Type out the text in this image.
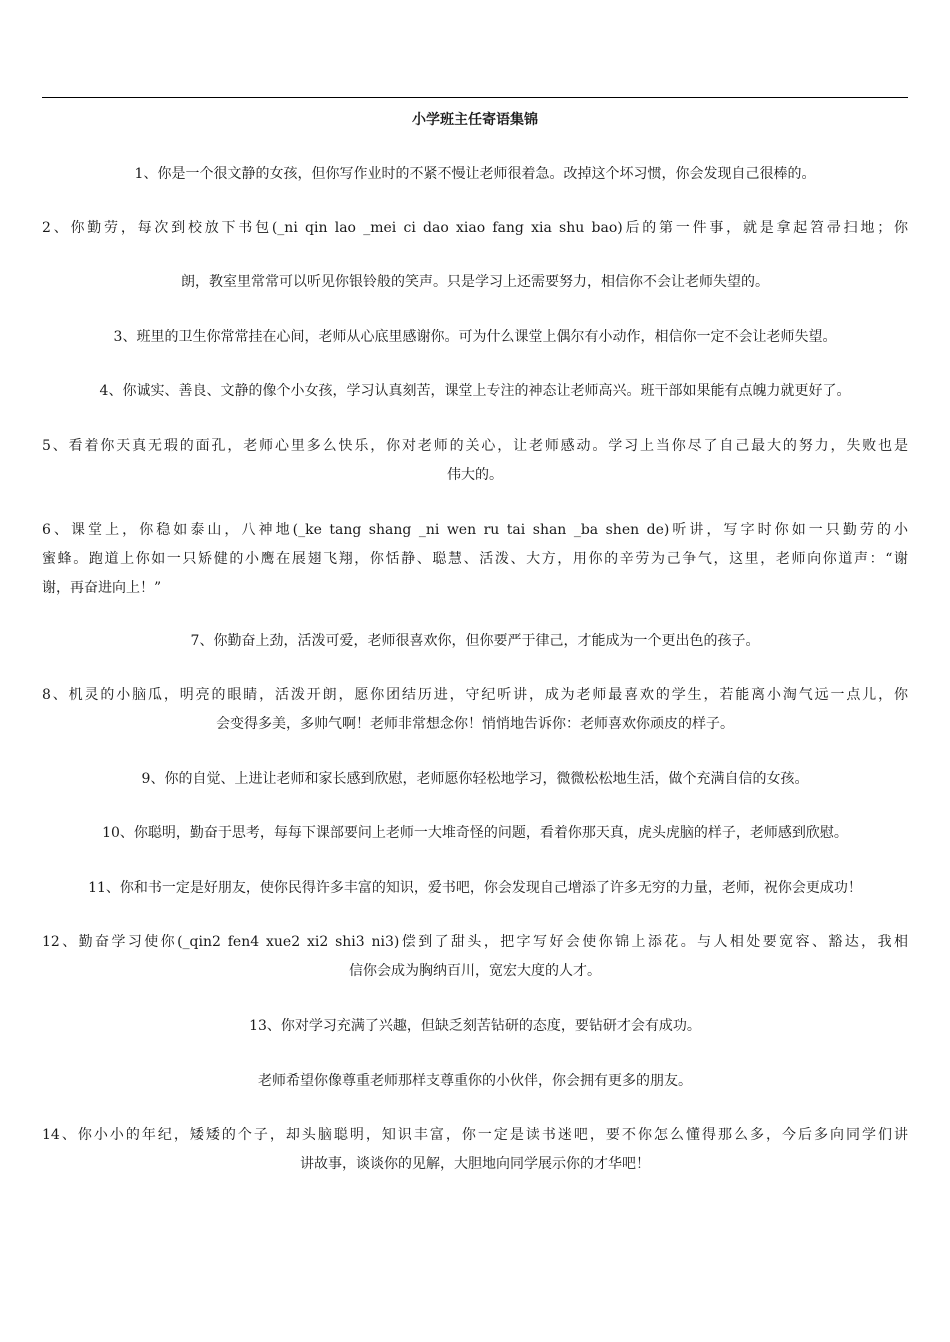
小学班主任寄语集锦
1、你是一个很文静的女孩，但你写作业时的不紧不慢让老师很着急。改掉这个坏习惯，你会发现自己很棒的。
2、你勤劳，每次到校放下书包(_ni qin lao _mei ci dao xiao fang xia shu bao)后的第一件事，就是拿起笤帚扫地；你
朗，教室里常常可以听见你银铃般的笑声。只是学习上还需要努力，相信你不会让老师失望的。
3、班里的卫生你常常挂在心间，老师从心底里感谢你。可为什么课堂上偶尔有小动作，相信你一定不会让老师失望。
4、你诚实、善良、文静的像个小女孩，学习认真刻苦，课堂上专注的神态让老师高兴。班干部如果能有点魄力就更好了。
5、看着你天真无瑕的面孔，老师心里多么快乐，你对老师的关心，让老师感动。学习上当你尽了自己最大的努力，失败也是
伟大的。
6、课堂上，你稳如泰山，八神地(_ke tang shang _ni wen ru tai shan _ba shen de)听讲，写字时你如一只勤劳的小
蜜蜂。跑道上你如一只矫健的小鹰在展翅飞翔，你恬静、聪慧、活泼、大方，用你的辛劳为己争气，这里，老师向你道声：“谢
谢，再奋进向上！”
7、你勤奋上劲，活泼可爱，老师很喜欢你，但你要严于律己，才能成为一个更出色的孩子。
8、机灵的小脑瓜，明亮的眼睛，活泼开朗，愿你团结历进，守纪听讲，成为老师最喜欢的学生，若能离小淘气远一点儿，你
会变得多美，多帅气啊！老师非常想念你！悄悄地告诉你：老师喜欢你顽皮的样子。
9、你的自觉、上进让老师和家长感到欣慰，老师愿你轻松地学习，微微松松地生活，做个充满自信的女孩。
10、你聪明，勤奋于思考，每每下课部要问上老师一大堆奇怪的问题，看着你那天真，虎头虎脑的样子，老师感到欣慰。
11、你和书一定是好朋友，使你民得许多丰富的知识，爱书吧，你会发现自己增添了许多无穷的力量，老师，祝你会更成功！
12、勤奋学习使你(_qin2 fen4 xue2 xi2 shi3 ni3)偿到了甜头，把字写好会使你锦上添花。与人相处要宽容、豁达，我相
信你会成为胸纳百川，宽宏大度的人才。
13、你对学习充满了兴趣，但缺乏刻苦钻研的态度，要钻研才会有成功。
老师希望你像尊重老师那样支尊重你的小伙伴，你会拥有更多的朋友。
14、你小小的年纪，矮矮的个子，却头脑聪明，知识丰富，你一定是读书迷吧，要不你怎么懂得那么多，今后多向同学们讲
讲故事，谈谈你的见解，大胆地向同学展示你的才华吧！
